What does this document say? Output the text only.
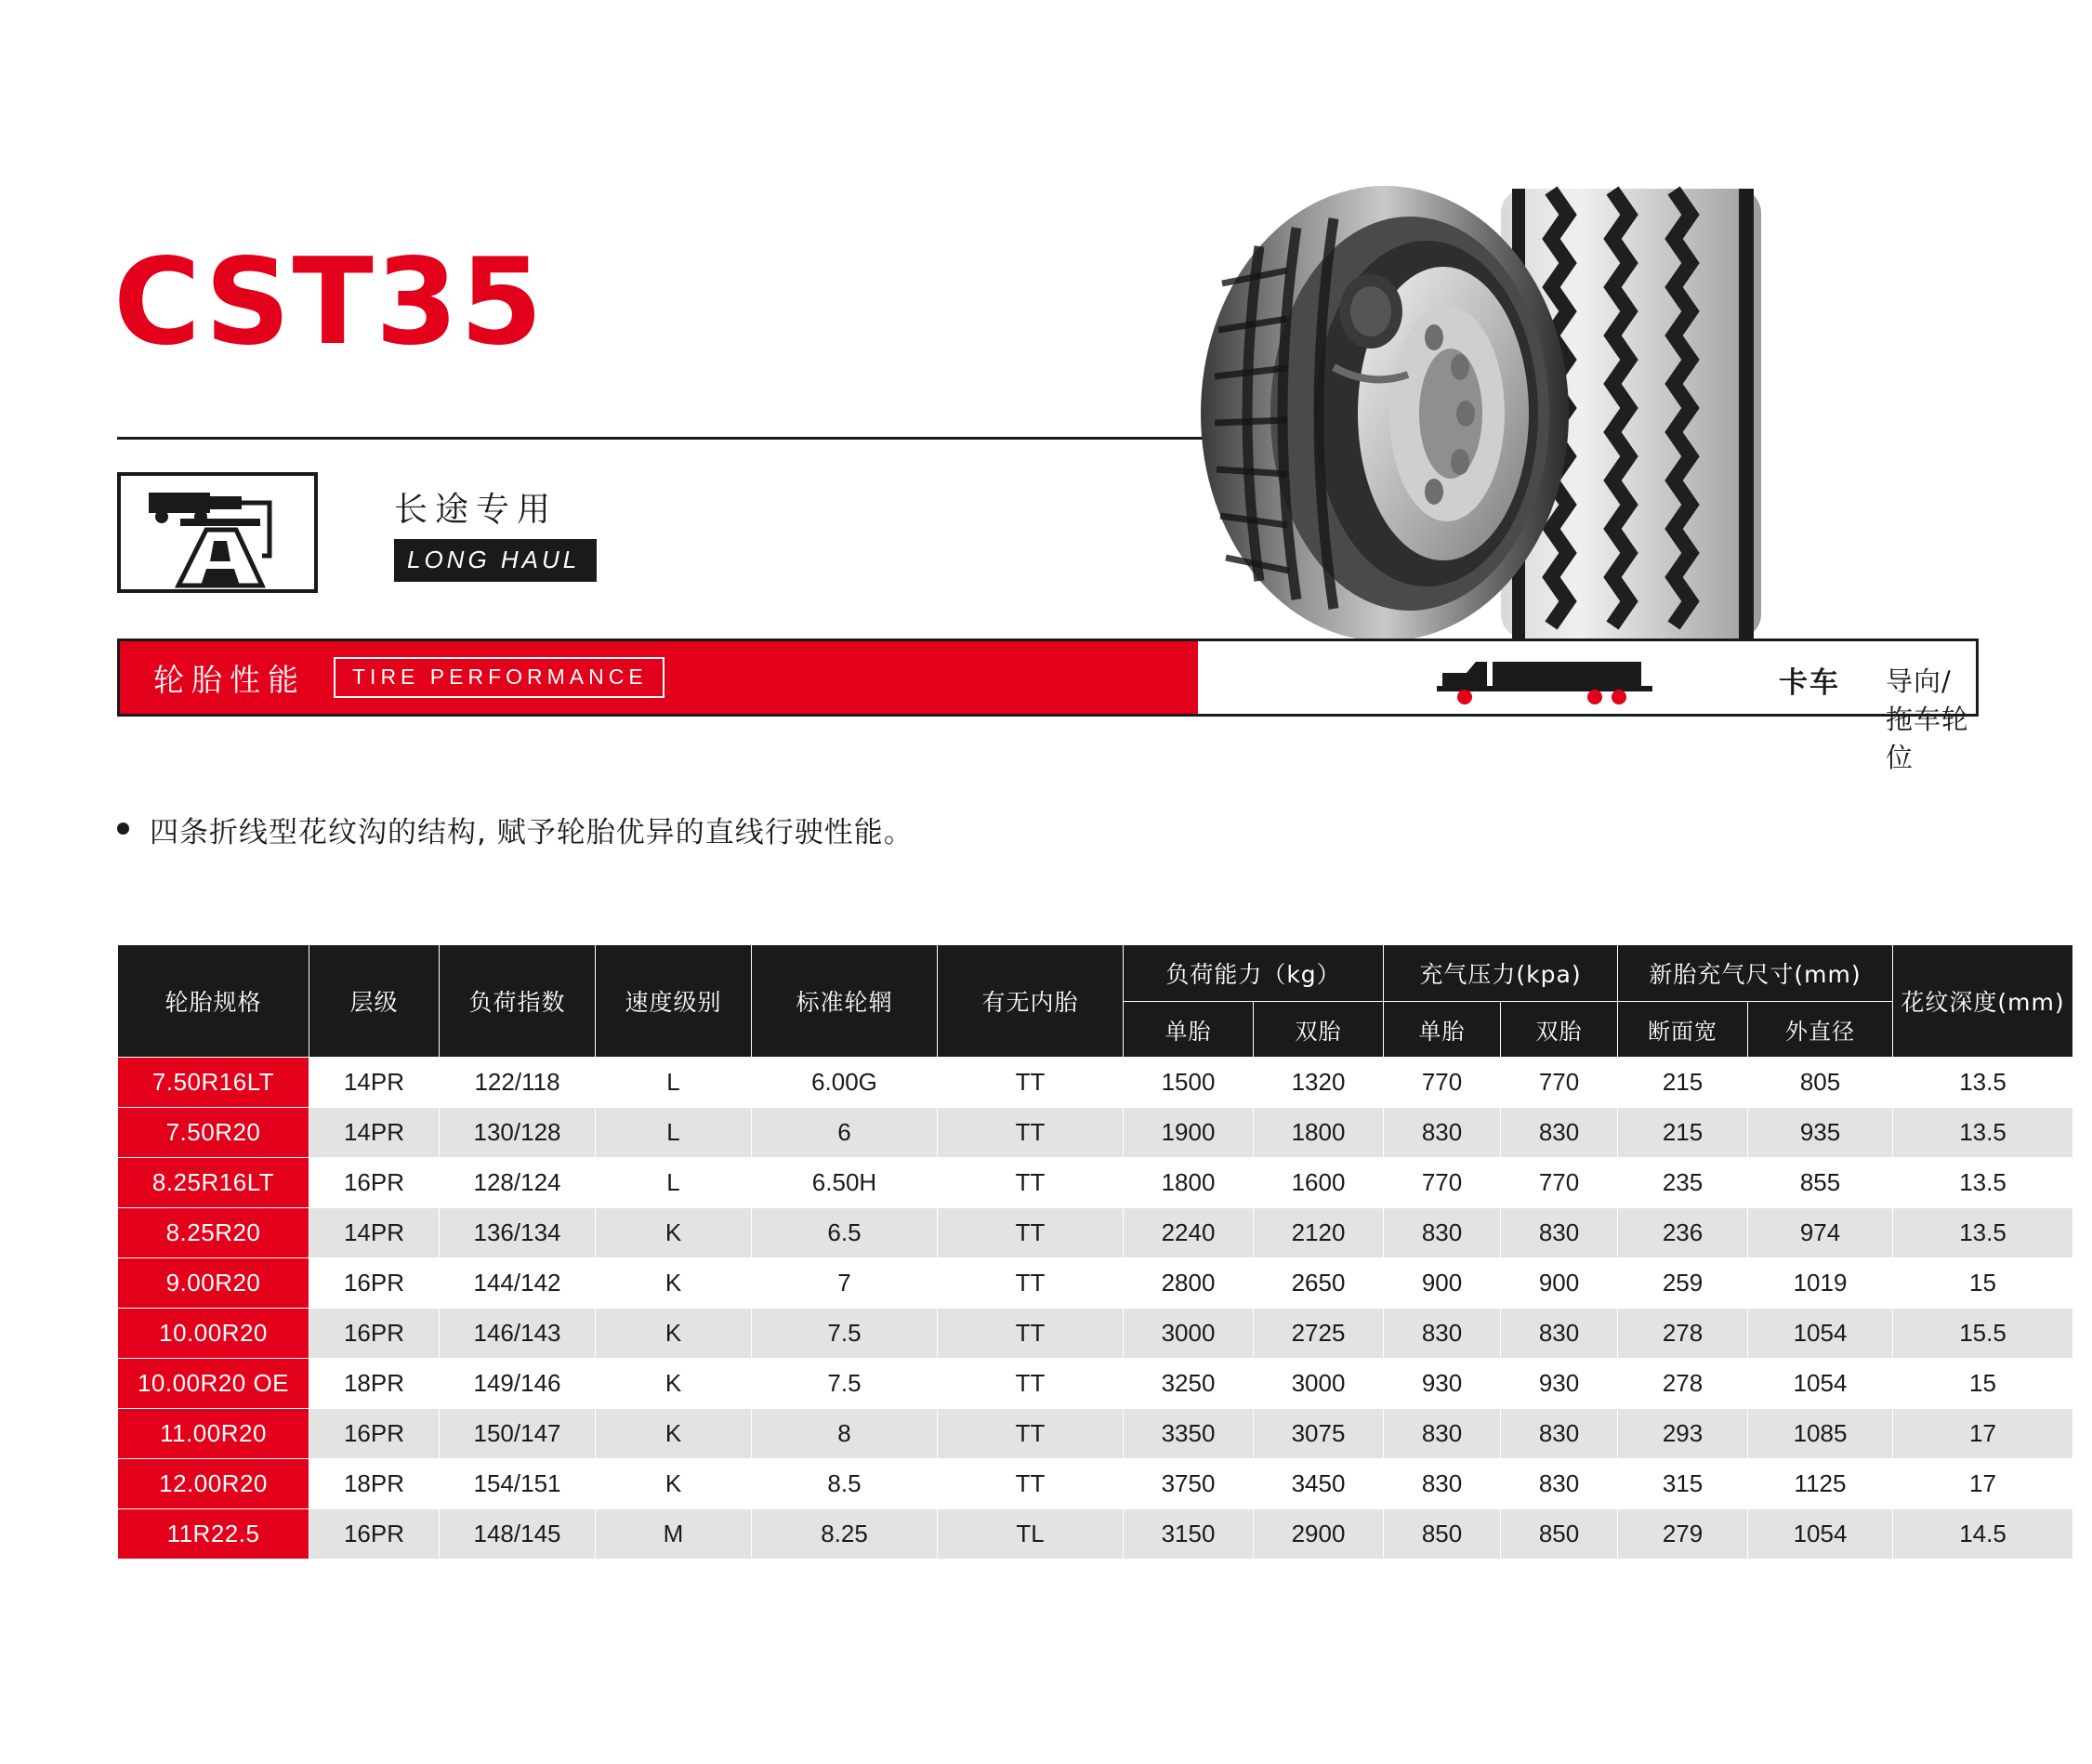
CST35
长途专用
LONG HAUL
轮胎性能	TIRE PERFORMANCE	卡车 导向/拖车轮位
四条折线型花纹沟的结构, 赋予轮胎优异的直线行驶性能。
轮胎规格	层级	负荷指数	速度级别	标准轮辋	有无内胎	负荷能力（kg）		充气压力(kpa)		新胎充气尺寸(mm)		花纹深度(mm)
						单胎	双胎	单胎	双胎	断面宽	外直径	
7.50R16LT	14PR	122/118	L	6.00G	TT	1500	1320	770	770	215	805	13.5
7.50R20	14PR	130/128	L	6	TT	1900	1800	830	830	215	935	13.5
8.25R16LT	16PR	128/124	L	6.50H	TT	1800	1600	770	770	235	855	13.5
8.25R20	14PR	136/134	K	6.5	TT	2240	2120	830	830	236	974	13.5
9.00R20	16PR	144/142	K	7	TT	2800	2650	900	900	259	1019	15
10.00R20	16PR	146/143	K	7.5	TT	3000	2725	830	830	278	1054	15.5
10.00R20 OE	18PR	149/146	K	7.5	TT	3250	3000	930	930	278	1054	15
11.00R20	16PR	150/147	K	8	TT	3350	3075	830	830	293	1085	17
12.00R20	18PR	154/151	K	8.5	TT	3750	3450	830	830	315	1125	17
11R22.5	16PR	148/145	M	8.25	TL	3150	2900	850	850	279	1054	14.5
